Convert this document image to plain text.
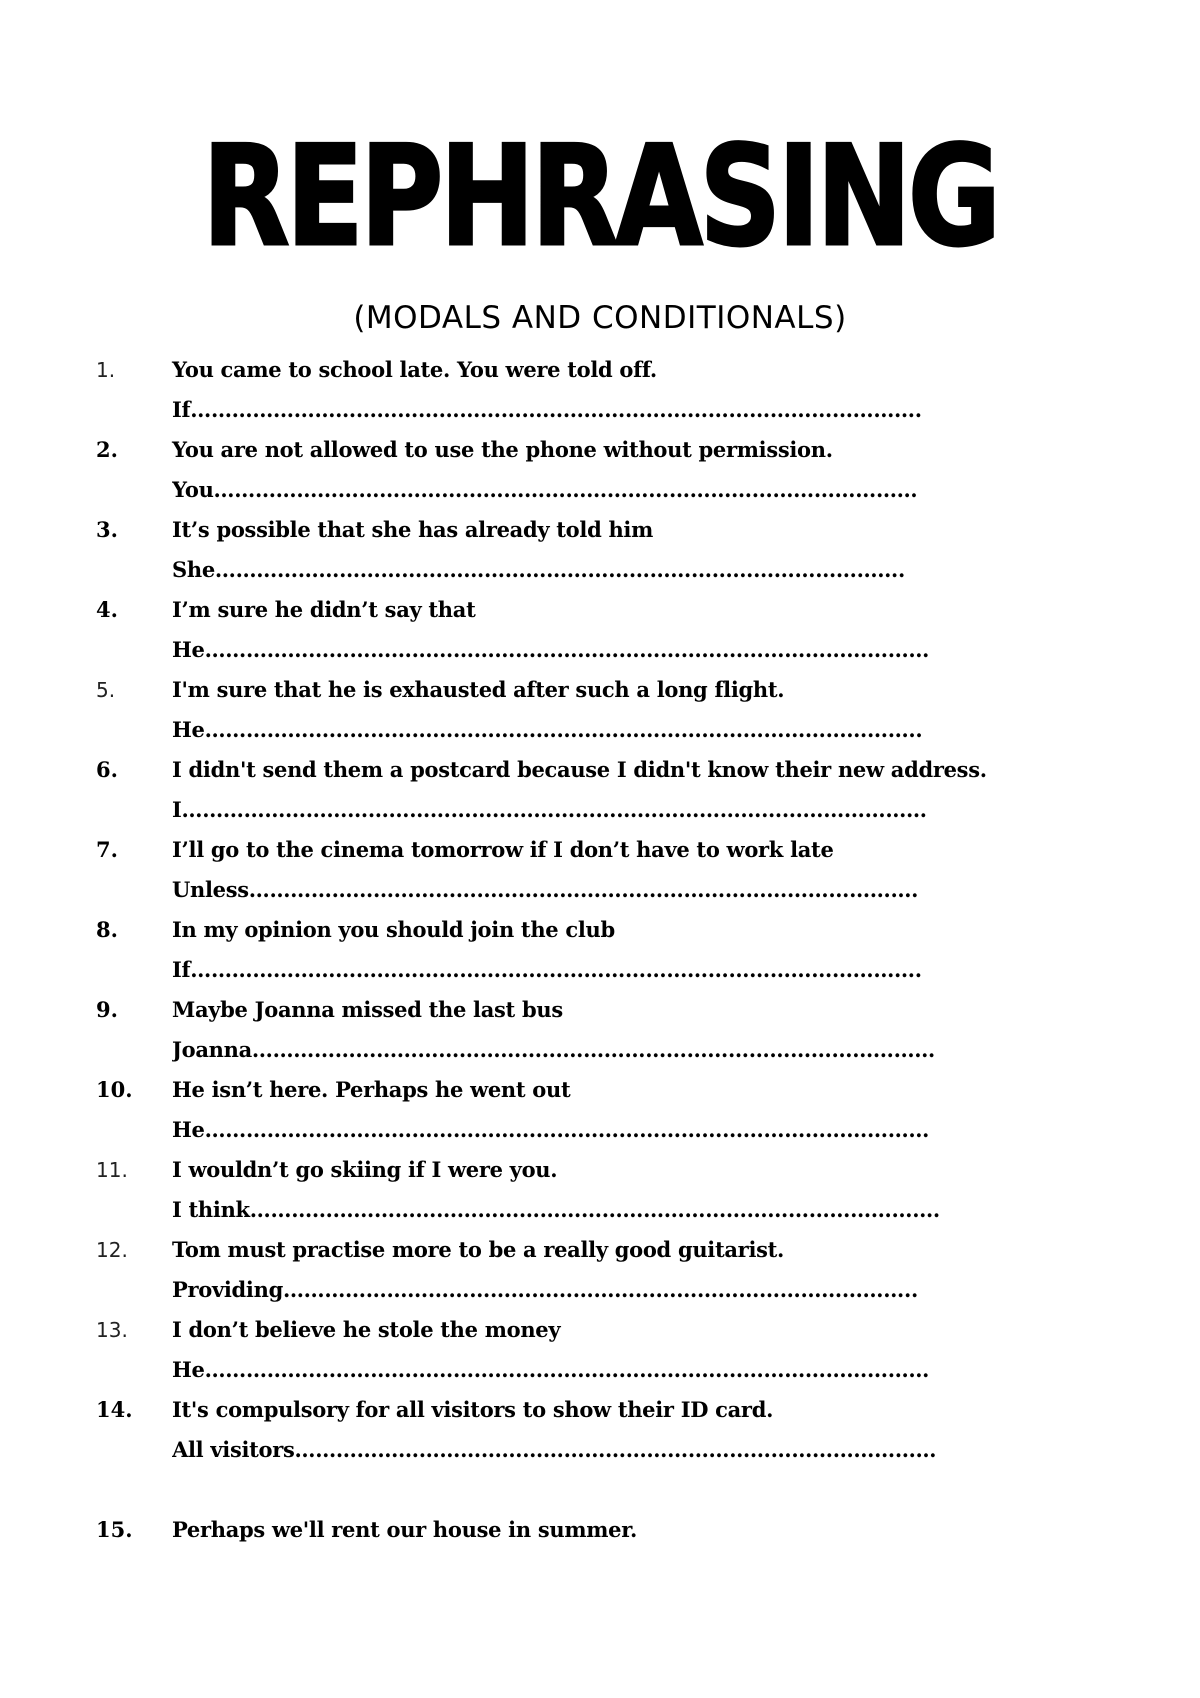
REPHRASING
(MODALS AND CONDITIONALS)
1.	You came to school late. You were told off.
If…………………………………………………………………………………………….
2.	You are not allowed to use the phone without permission.
You…………………………………………………………………………………………
3.	It’s possible that she has already told him
She……………………………………………………………………………………….
4.	I’m sure he didn’t say that
He……………………………………………………………………………………………
5.	I'm sure that he is exhausted after such a long flight.
He…………………………………………………………………………………………..
6.	I didn't send them a postcard because I didn't know their new address.
I………………………………………………………………………………………………
7.	I’ll go to the cinema tomorrow if I don’t have to work late
Unless…………………………………………………………………………………….
8.	In my opinion you should join the club
If…………………………………………………………………………………………….
9.	Maybe Joanna missed the last bus
Joanna………………………………………………………………………………………
10.	He isn’t here. Perhaps he went out
He……………………………………………………………………………………………
11.	I wouldn’t go skiing if I were you.
I think……………………………………………………………………………………….
12.	Tom must practise more to be a really good guitarist.
Providing………………………………………………………………………………..
13.	I don’t believe he stole the money
He……………………………………………………………………………………………
14.	It's compulsory for all visitors to show their ID card.
All visitors…………………………………………………………………………………
15.	Perhaps we'll rent our house in summer.
